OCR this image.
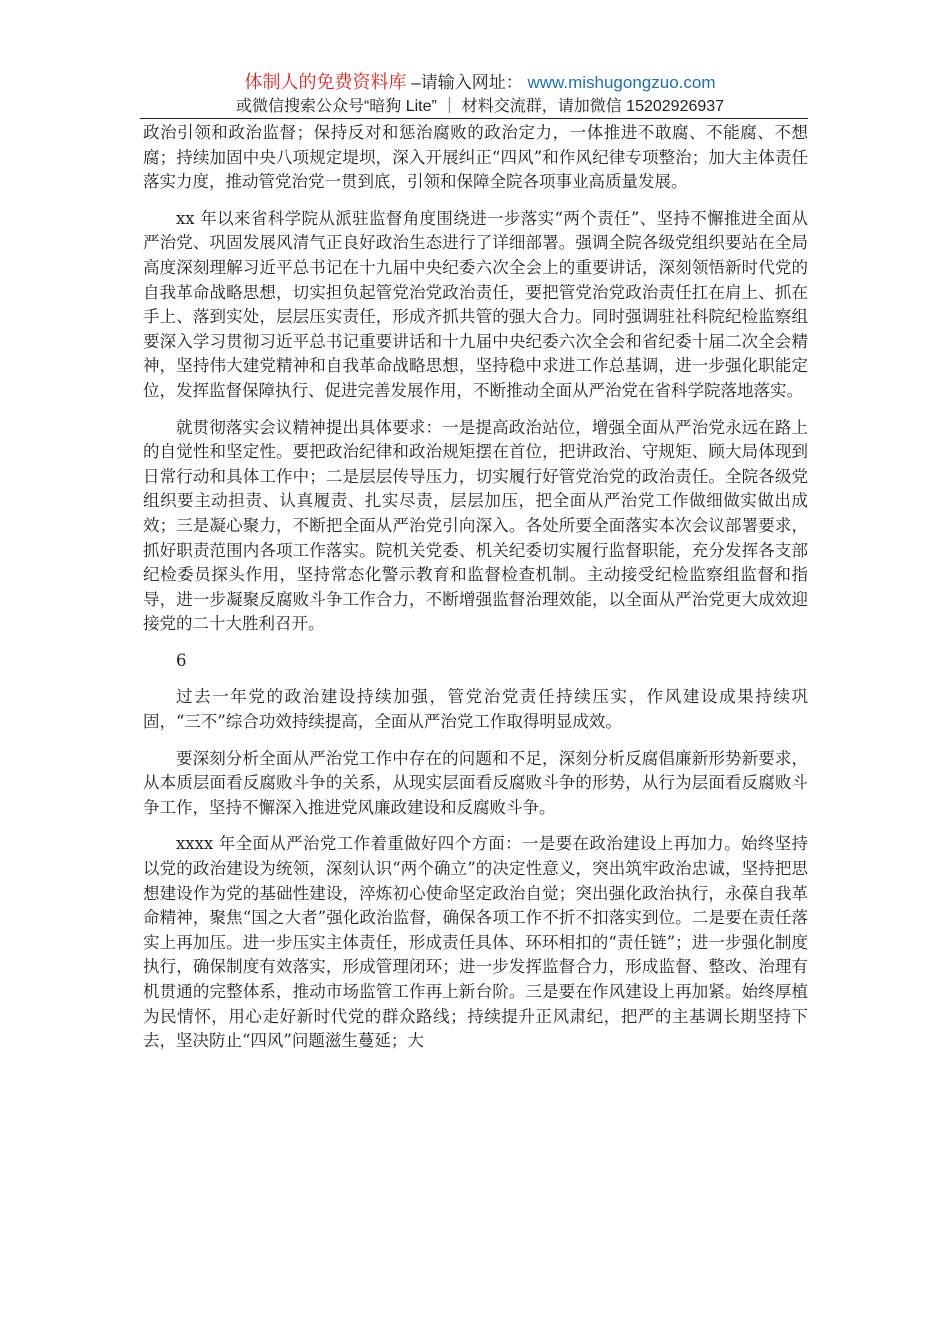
体制人的免费资料库 –请输入网址： www.mishugongzuo.com
或微信搜索公众号“暗狗 Lite” ｜ 材料交流群，请加微信 15202926937

政治引领和政治监督；保持反对和惩治腐败的政治定力，一体推进不敢腐、不能腐、不想腐；持续加固中央八项规定堤坝，深入开展纠正“四风”和作风纪律专项整治；加大主体责任落实力度，推动管党治党一贯到底，引领和保障全院各项事业高质量发展。

xx 年以来省科学院从派驻监督角度围绕进一步落实“两个责任”、坚持不懈推进全面从严治党、巩固发展风清气正良好政治生态进行了详细部署。强调全院各级党组织要站在全局高度深刻理解习近平总书记在十九届中央纪委六次全会上的重要讲话，深刻领悟新时代党的自我革命战略思想，切实担负起管党治党政治责任，要把管党治党政治责任扛在肩上、抓在手上、落到实处，层层压实责任，形成齐抓共管的强大合力。同时强调驻社科院纪检监察组要深入学习贯彻习近平总书记重要讲话和十九届中央纪委六次全会和省纪委十届二次全会精神，坚持伟大建党精神和自我革命战略思想，坚持稳中求进工作总基调，进一步强化职能定位，发挥监督保障执行、促进完善发展作用，不断推动全面从严治党在省科学院落地落实。

就贯彻落实会议精神提出具体要求：一是提高政治站位，增强全面从严治党永远在路上的自觉性和坚定性。要把政治纪律和政治规矩摆在首位，把讲政治、守规矩、顾大局体现到日常行动和具体工作中；二是层层传导压力，切实履行好管党治党的政治责任。全院各级党组织要主动担责、认真履责、扎实尽责，层层加压，把全面从严治党工作做细做实做出成效；三是凝心聚力，不断把全面从严治党引向深入。各处所要全面落实本次会议部署要求，抓好职责范围内各项工作落实。院机关党委、机关纪委切实履行监督职能，充分发挥各支部纪检委员探头作用，坚持常态化警示教育和监督检查机制。主动接受纪检监察组监督和指导，进一步凝聚反腐败斗争工作合力，不断增强监督治理效能，以全面从严治党更大成效迎接党的二十大胜利召开。

6

过去一年党的政治建设持续加强，管党治党责任持续压实，作风建设成果持续巩固，“三不”综合功效持续提高，全面从严治党工作取得明显成效。

要深刻分析全面从严治党工作中存在的问题和不足，深刻分析反腐倡廉新形势新要求，从本质层面看反腐败斗争的关系，从现实层面看反腐败斗争的形势，从行为层面看反腐败斗争工作，坚持不懈深入推进党风廉政建设和反腐败斗争。

xxxx 年全面从严治党工作着重做好四个方面：一是要在政治建设上再加力。始终坚持以党的政治建设为统领，深刻认识“两个确立”的决定性意义，突出筑牢政治忠诚，坚持把思想建设作为党的基础性建设，淬炼初心使命坚定政治自觉；突出强化政治执行，永葆自我革命精神，聚焦“国之大者”强化政治监督，确保各项工作不折不扣落实到位。二是要在责任落实上再加压。进一步压实主体责任，形成责任具体、环环相扣的“责任链”；进一步强化制度执行，确保制度有效落实，形成管理闭环；进一步发挥监督合力，形成监督、整改、治理有机贯通的完整体系，推动市场监管工作再上新台阶。三是要在作风建设上再加紧。始终厚植为民情怀，用心走好新时代党的群众路线；持续提升正风肃纪，把严的主基调长期坚持下去，坚决防止“四风”问题滋生蔓延；大
